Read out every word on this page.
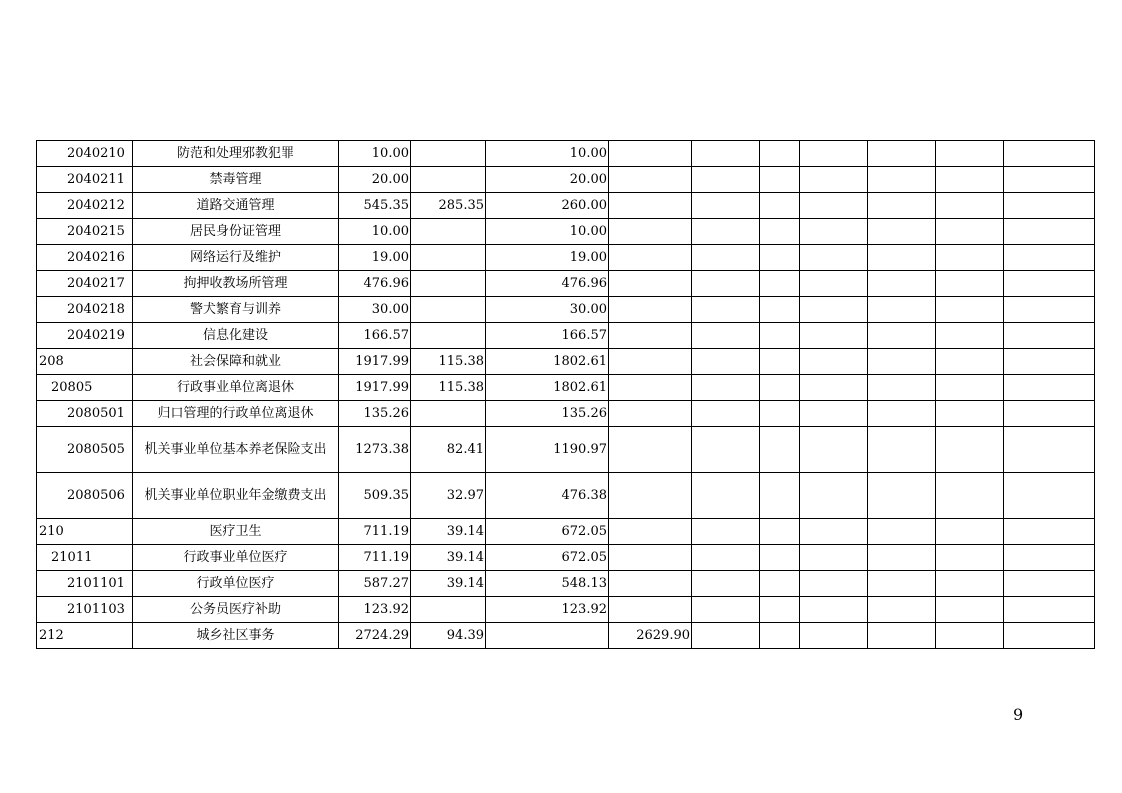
2040210	防范和处理邪教犯罪	10.00		10.00							
2040211	禁毒管理	20.00		20.00							
2040212	道路交通管理	545.35	285.35	260.00							
2040215	居民身份证管理	10.00		10.00							
2040216	网络运行及维护	19.00		19.00							
2040217	拘押收教场所管理	476.96		476.96							
2040218	警犬繁育与训养	30.00		30.00							
2040219	信息化建设	166.57		166.57							
208	社会保障和就业	1917.99	115.38	1802.61							
20805	行政事业单位离退休	1917.99	115.38	1802.61							
2080501	归口管理的行政单位离退休	135.26		135.26							
2080505	机关事业单位基本养老保险支出	1273.38	82.41	1190.97							
2080506	机关事业单位职业年金缴费支出	509.35	32.97	476.38							
210	医疗卫生	711.19	39.14	672.05							
21011	行政事业单位医疗	711.19	39.14	672.05							
2101101	行政单位医疗	587.27	39.14	548.13							
2101103	公务员医疗补助	123.92		123.92							
212	城乡社区事务	2724.29	94.39		2629.90						
9
